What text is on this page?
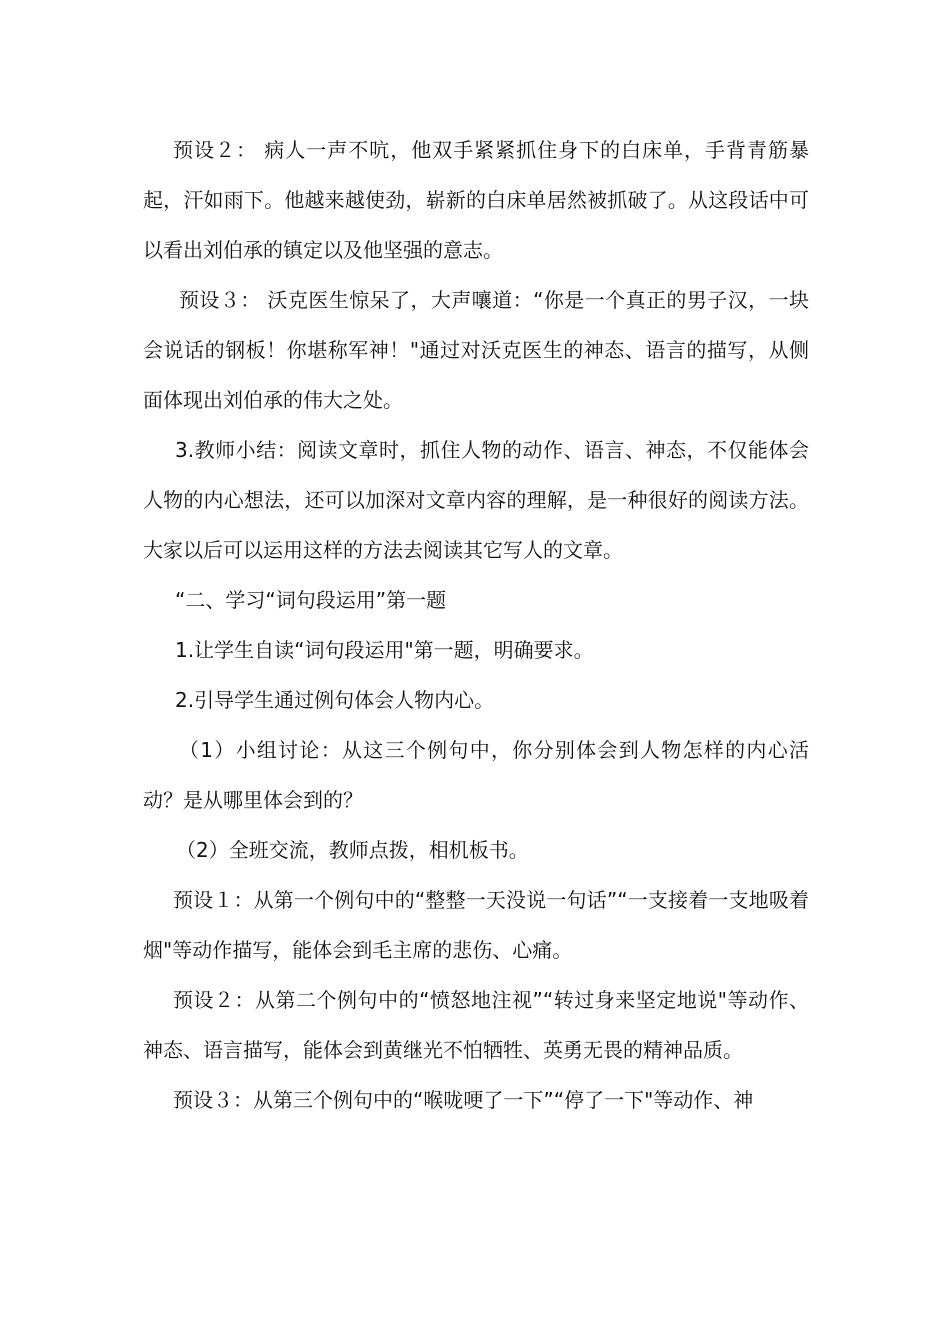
预设２： 病人一声不吭，他双手紧紧抓住身下的白床单，手背青筋暴起，汗如雨下。他越来越使劲，崭新的白床单居然被抓破了。从这段话中可以看出刘伯承的镇定以及他坚强的意志。

预设３： 沃克医生惊呆了，大声嚷道：“你是一个真正的男子汉，一块会说话的钢板！你堪称军神！"通过对沃克医生的神态、语言的描写，从侧面体现出刘伯承的伟大之处。

3.教师小结：阅读文章时，抓住人物的动作、语言、神态，不仅能体会人物的内心想法，还可以加深对文章内容的理解，是一种很好的阅读方法。大家以后可以运用这样的方法去阅读其它写人的文章。

“二、学习“词句段运用”第一题

1.让学生自读“词句段运用"第一题，明确要求。

2.引导学生通过例句体会人物内心。

（1）小组讨论：从这三个例句中，你分别体会到人物怎样的内心活动？是从哪里体会到的？

（2）全班交流，教师点拨，相机板书。

预设１：从第一个例句中的“整整一天没说一句话”“一支接着一支地吸着烟"等动作描写，能体会到毛主席的悲伤、心痛。

预设２：从第二个例句中的“愤怒地注视”“转过身来坚定地说"等动作、神态、语言描写，能体会到黄继光不怕牺牲、英勇无畏的精神品质。

预设３：从第三个例句中的“喉咙哽了一下”“停了一下"等动作、神
